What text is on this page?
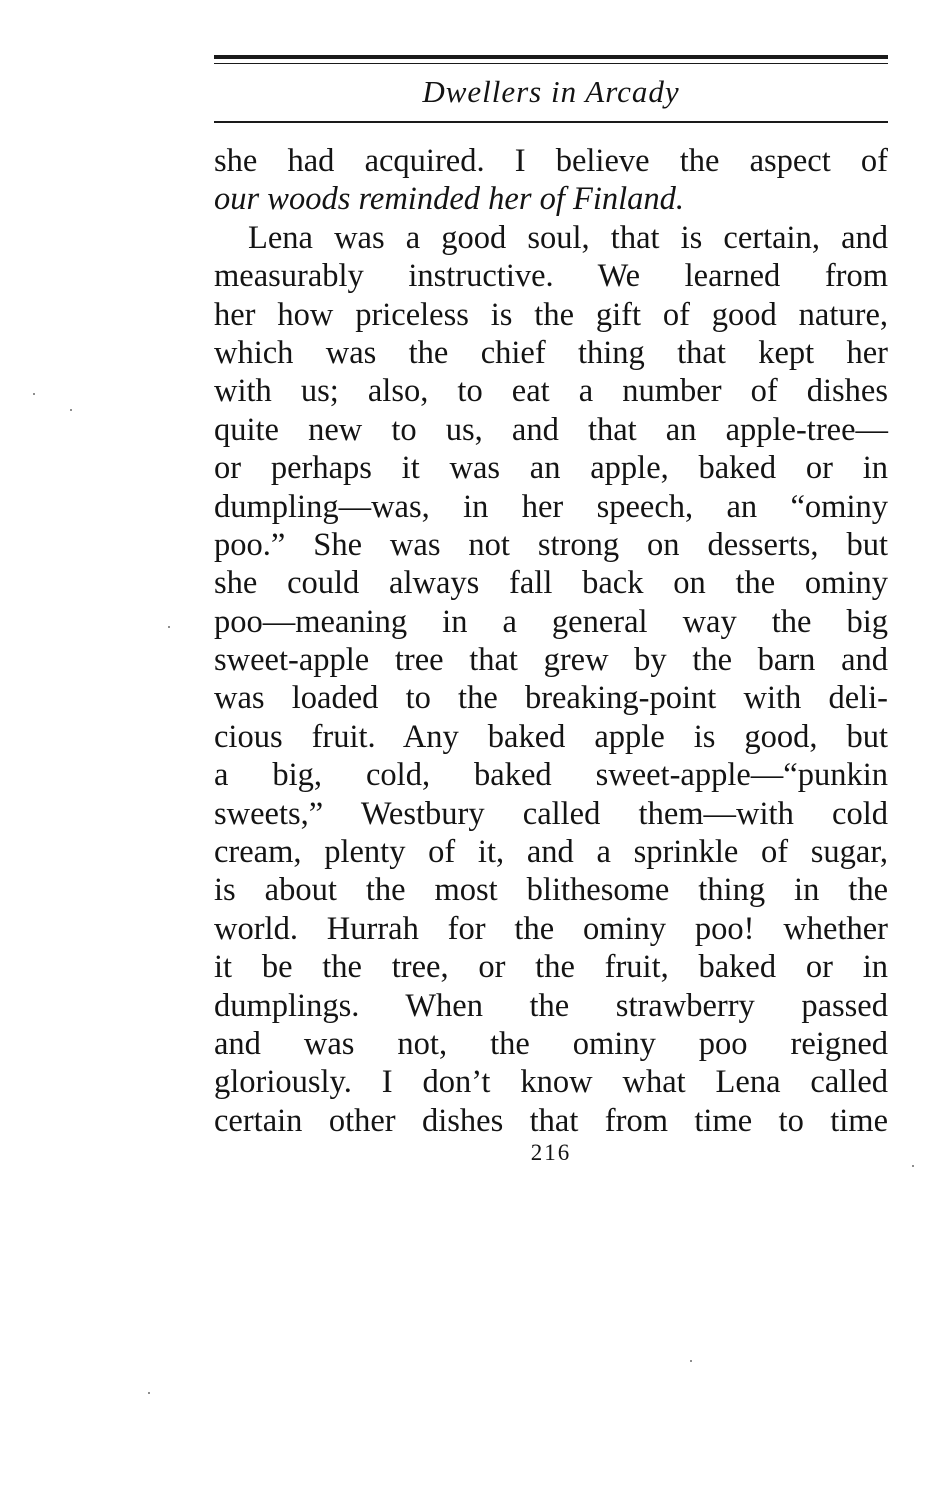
Dwellers in Arcady
she had acquired. I believe the aspect of
our woods reminded her of Finland.
Lena was a good soul, that is certain, and
measurably instructive. We learned from
her how priceless is the gift of good nature,
which was the chief thing that kept her
with us; also, to eat a number of dishes
quite new to us, and that an apple-tree—
or perhaps it was an apple, baked or in
dumpling—was, in her speech, an “ominy
poo.” She was not strong on desserts, but
she could always fall back on the ominy
poo—meaning in a general way the big
sweet-apple tree that grew by the barn and
was loaded to the breaking-point with deli-
cious fruit. Any baked apple is good, but
a big, cold, baked sweet-apple—“punkin
sweets,” Westbury called them—with cold
cream, plenty of it, and a sprinkle of sugar,
is about the most blithesome thing in the
world. Hurrah for the ominy poo! whether
it be the tree, or the fruit, baked or in
dumplings. When the strawberry passed
and was not, the ominy poo reigned
gloriously. I don’t know what Lena called
certain other dishes that from time to time
216
